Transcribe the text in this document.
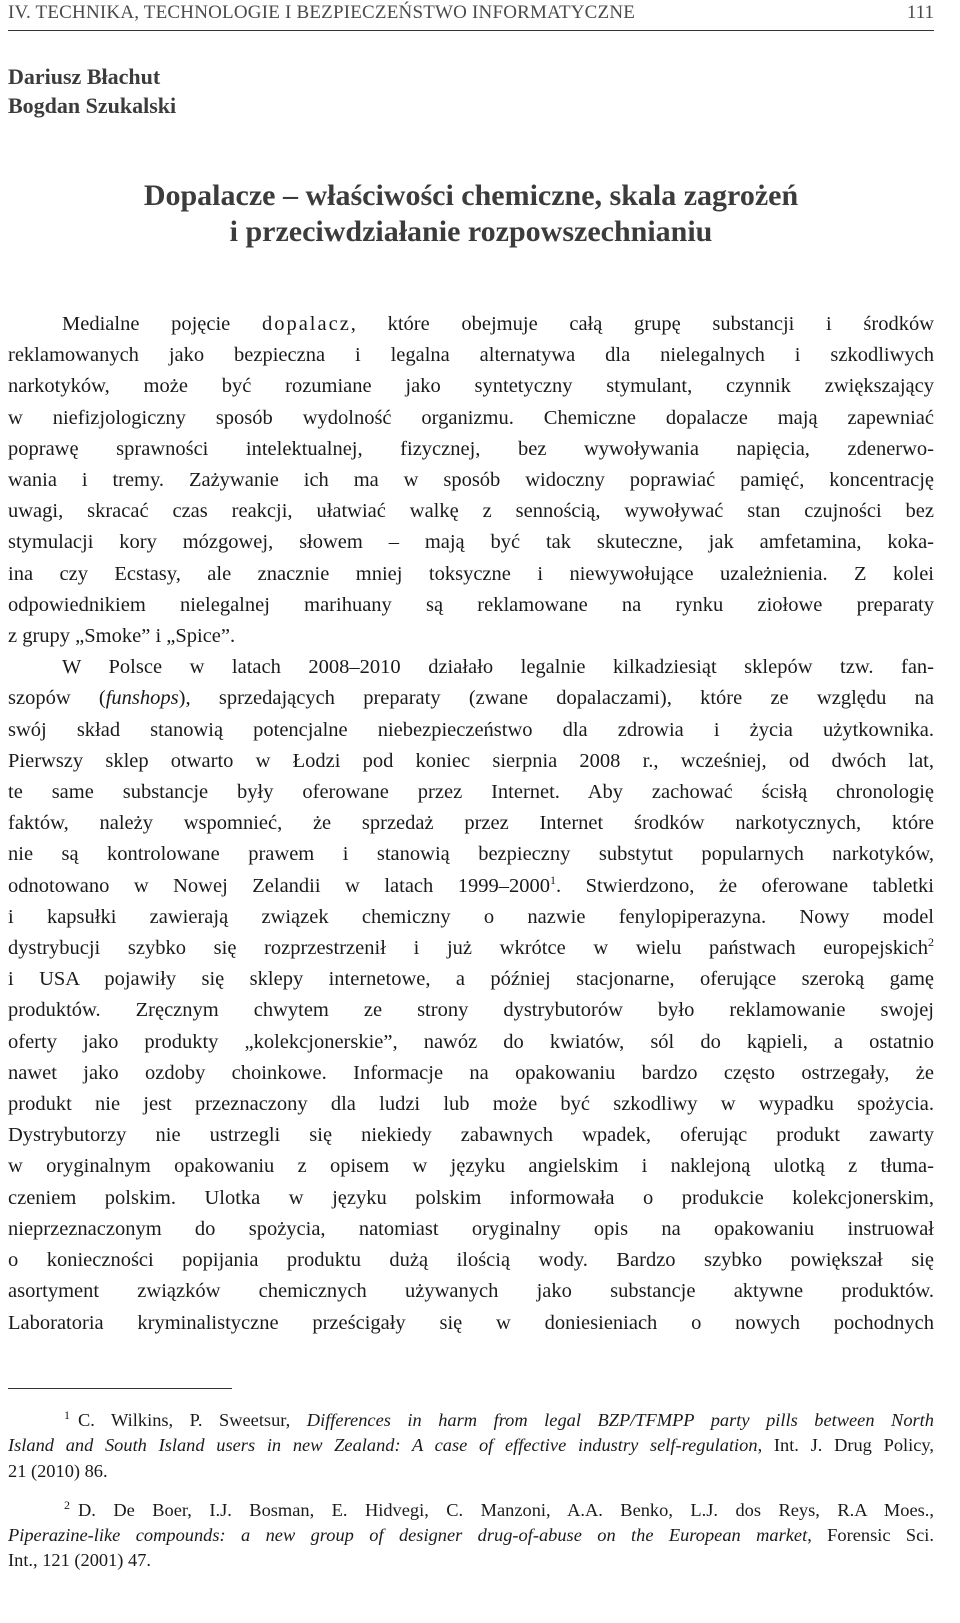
IV. TECHNIKA, TECHNOLOGIE I BEZPIECZEŃSTWO INFORMATYCZNE	111
Dariusz Błachut
Bogdan Szukalski
Dopalacze – właściwości chemiczne, skala zagrożeń
i przeciwdziałanie rozpowszechnianiu
Medialne pojęcie dopalacz, które obejmuje całą grupę substancji i środków
reklamowanych jako bezpieczna i legalna alternatywa dla nielegalnych i szkodliwych
narkotyków, może być rozumiane jako syntetyczny stymulant, czynnik zwiększający
w niefizjologiczny sposób wydolność organizmu. Chemiczne dopalacze mają zapewniać
poprawę sprawności intelektualnej, fizycznej, bez wywoływania napięcia, zdenerwo-
wania i tremy. Zażywanie ich ma w sposób widoczny poprawiać pamięć, koncentrację
uwagi, skracać czas reakcji, ułatwiać walkę z sennością, wywoływać stan czujności bez
stymulacji kory mózgowej, słowem – mają być tak skuteczne, jak amfetamina, koka-
ina czy Ecstasy, ale znacznie mniej toksyczne i niewywołujące uzależnienia. Z kolei
odpowiednikiem nielegalnej marihuany są reklamowane na rynku ziołowe preparaty
z grupy „Smoke” i „Spice”.
W Polsce w latach 2008–2010 działało legalnie kilkadziesiąt sklepów tzw. fan-
szopów (funshops), sprzedających preparaty (zwane dopalaczami), które ze względu na
swój skład stanowią potencjalne niebezpieczeństwo dla zdrowia i życia użytkownika.
Pierwszy sklep otwarto w Łodzi pod koniec sierpnia 2008 r., wcześniej, od dwóch lat,
te same substancje były oferowane przez Internet. Aby zachować ścisłą chronologię
faktów, należy wspomnieć, że sprzedaż przez Internet środków narkotycznych, które
nie są kontrolowane prawem i stanowią bezpieczny substytut popularnych narkotyków,
odnotowano w Nowej Zelandii w latach 1999–2000$^1$. Stwierdzono, że oferowane tabletki
i kapsułki zawierają związek chemiczny o nazwie fenylopiperazyna. Nowy model
dystrybucji szybko się rozprzestrzenił i już wkrótce w wielu państwach europejskich$^2$
i USA pojawiły się sklepy internetowe, a później stacjonarne, oferujące szeroką gamę
produktów. Zręcznym chwytem ze strony dystrybutorów było reklamowanie swojej
oferty jako produkty „kolekcjonerskie”, nawóz do kwiatów, sól do kąpieli, a ostatnio
nawet jako ozdoby choinkowe. Informacje na opakowaniu bardzo często ostrzegały, że
produkt nie jest przeznaczony dla ludzi lub może być szkodliwy w wypadku spożycia.
Dystrybutorzy nie ustrzegli się niekiedy zabawnych wpadek, oferując produkt zawarty
w oryginalnym opakowaniu z opisem w języku angielskim i naklejoną ulotką z tłuma-
czeniem polskim. Ulotka w języku polskim informowała o produkcie kolekcjonerskim,
nieprzeznaczonym do spożycia, natomiast oryginalny opis na opakowaniu instruował
o konieczności popijania produktu dużą ilością wody. Bardzo szybko powiększał się
asortyment związków chemicznych używanych jako substancje aktywne produktów.
Laboratoria kryminalistyczne prześcigały się w doniesieniach o nowych pochodnych
$^1$ C. Wilkins, P. Sweetsur, Differences in harm from legal BZP/TFMPP party pills between North
Island and South Island users in new Zealand: A case of effective industry self-regulation, Int. J. Drug Policy,
21 (2010) 86.
$^2$ D. De Boer, I.J. Bosman, E. Hidvegi, C. Manzoni, A.A. Benko, L.J. dos Reys, R.A Moes.,
Piperazine-like compounds: a new group of designer drug-of-abuse on the European market, Forensic Sci.
Int., 121 (2001) 47.
